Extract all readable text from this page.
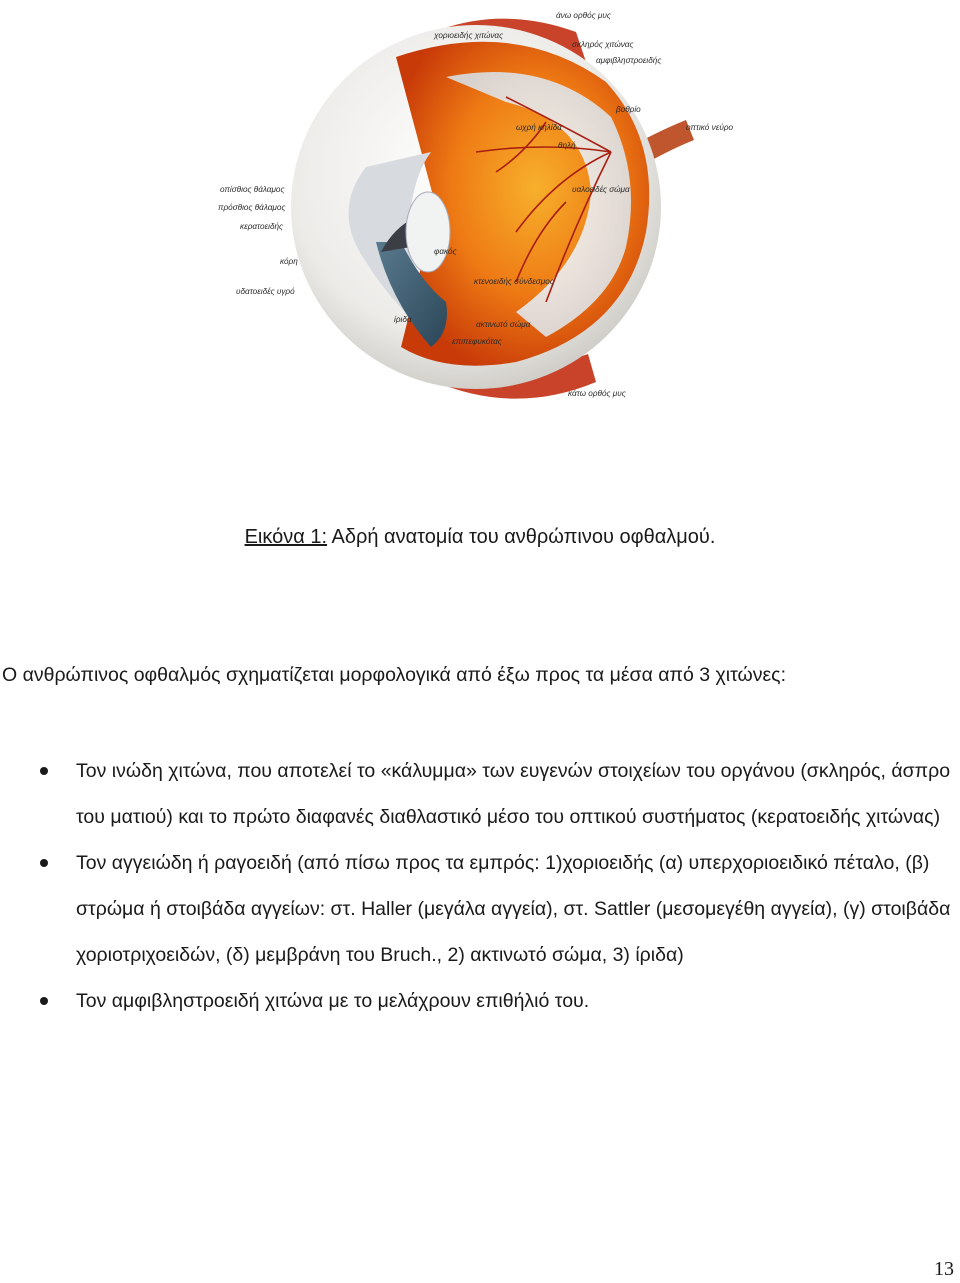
άνω ορθός μυς
χοριοειδής χιτώνας
σκληρός χιτώνας
αμφιβληστροειδής
βοθρίο
οπτικό νεύρο
ωχρή κηλίδα
θηλή
οπίσθιος θάλαμος
πρόσθιος θάλαμος
κερατοειδής
υαλοειδές σώμα
κόρη
φακός
υδατοειδές υγρό
κτενοειδής σύνδεσμος
ίριδα
ακτινωτό σώμα
επιπεφυκότας
κάτω ορθός μυς
Εικόνα 1: Αδρή ανατομία του ανθρώπινου οφθαλμού.
Ο ανθρώπινος οφθαλμός σχηματίζεται μορφολογικά από έξω προς τα μέσα από 3 χιτώνες:
Τον ινώδη χιτώνα, που αποτελεί το «κάλυμμα» των ευγενών στοιχείων του οργάνου (σκληρός, άσπρο του ματιού) και το πρώτο διαφανές διαθλαστικό μέσο του οπτικού συστήματος (κερατοειδής χιτώνας)
Τον αγγειώδη ή ραγοειδή (από πίσω προς τα εμπρός: 1)χοριοειδής (α) υπερχοριοειδικό πέταλο, (β) στρώμα ή στοιβάδα αγγείων: στ. Haller (μεγάλα αγγεία), στ. Sattler (μεσομεγέθη αγγεία), (γ) στοιβάδα χοριοτριχοειδών, (δ) μεμβράνη του Bruch., 2) ακτινωτό σώμα, 3) ίριδα)
Τον αμφιβληστροειδή χιτώνα με το μελάχρουν επιθήλιό του.
13
